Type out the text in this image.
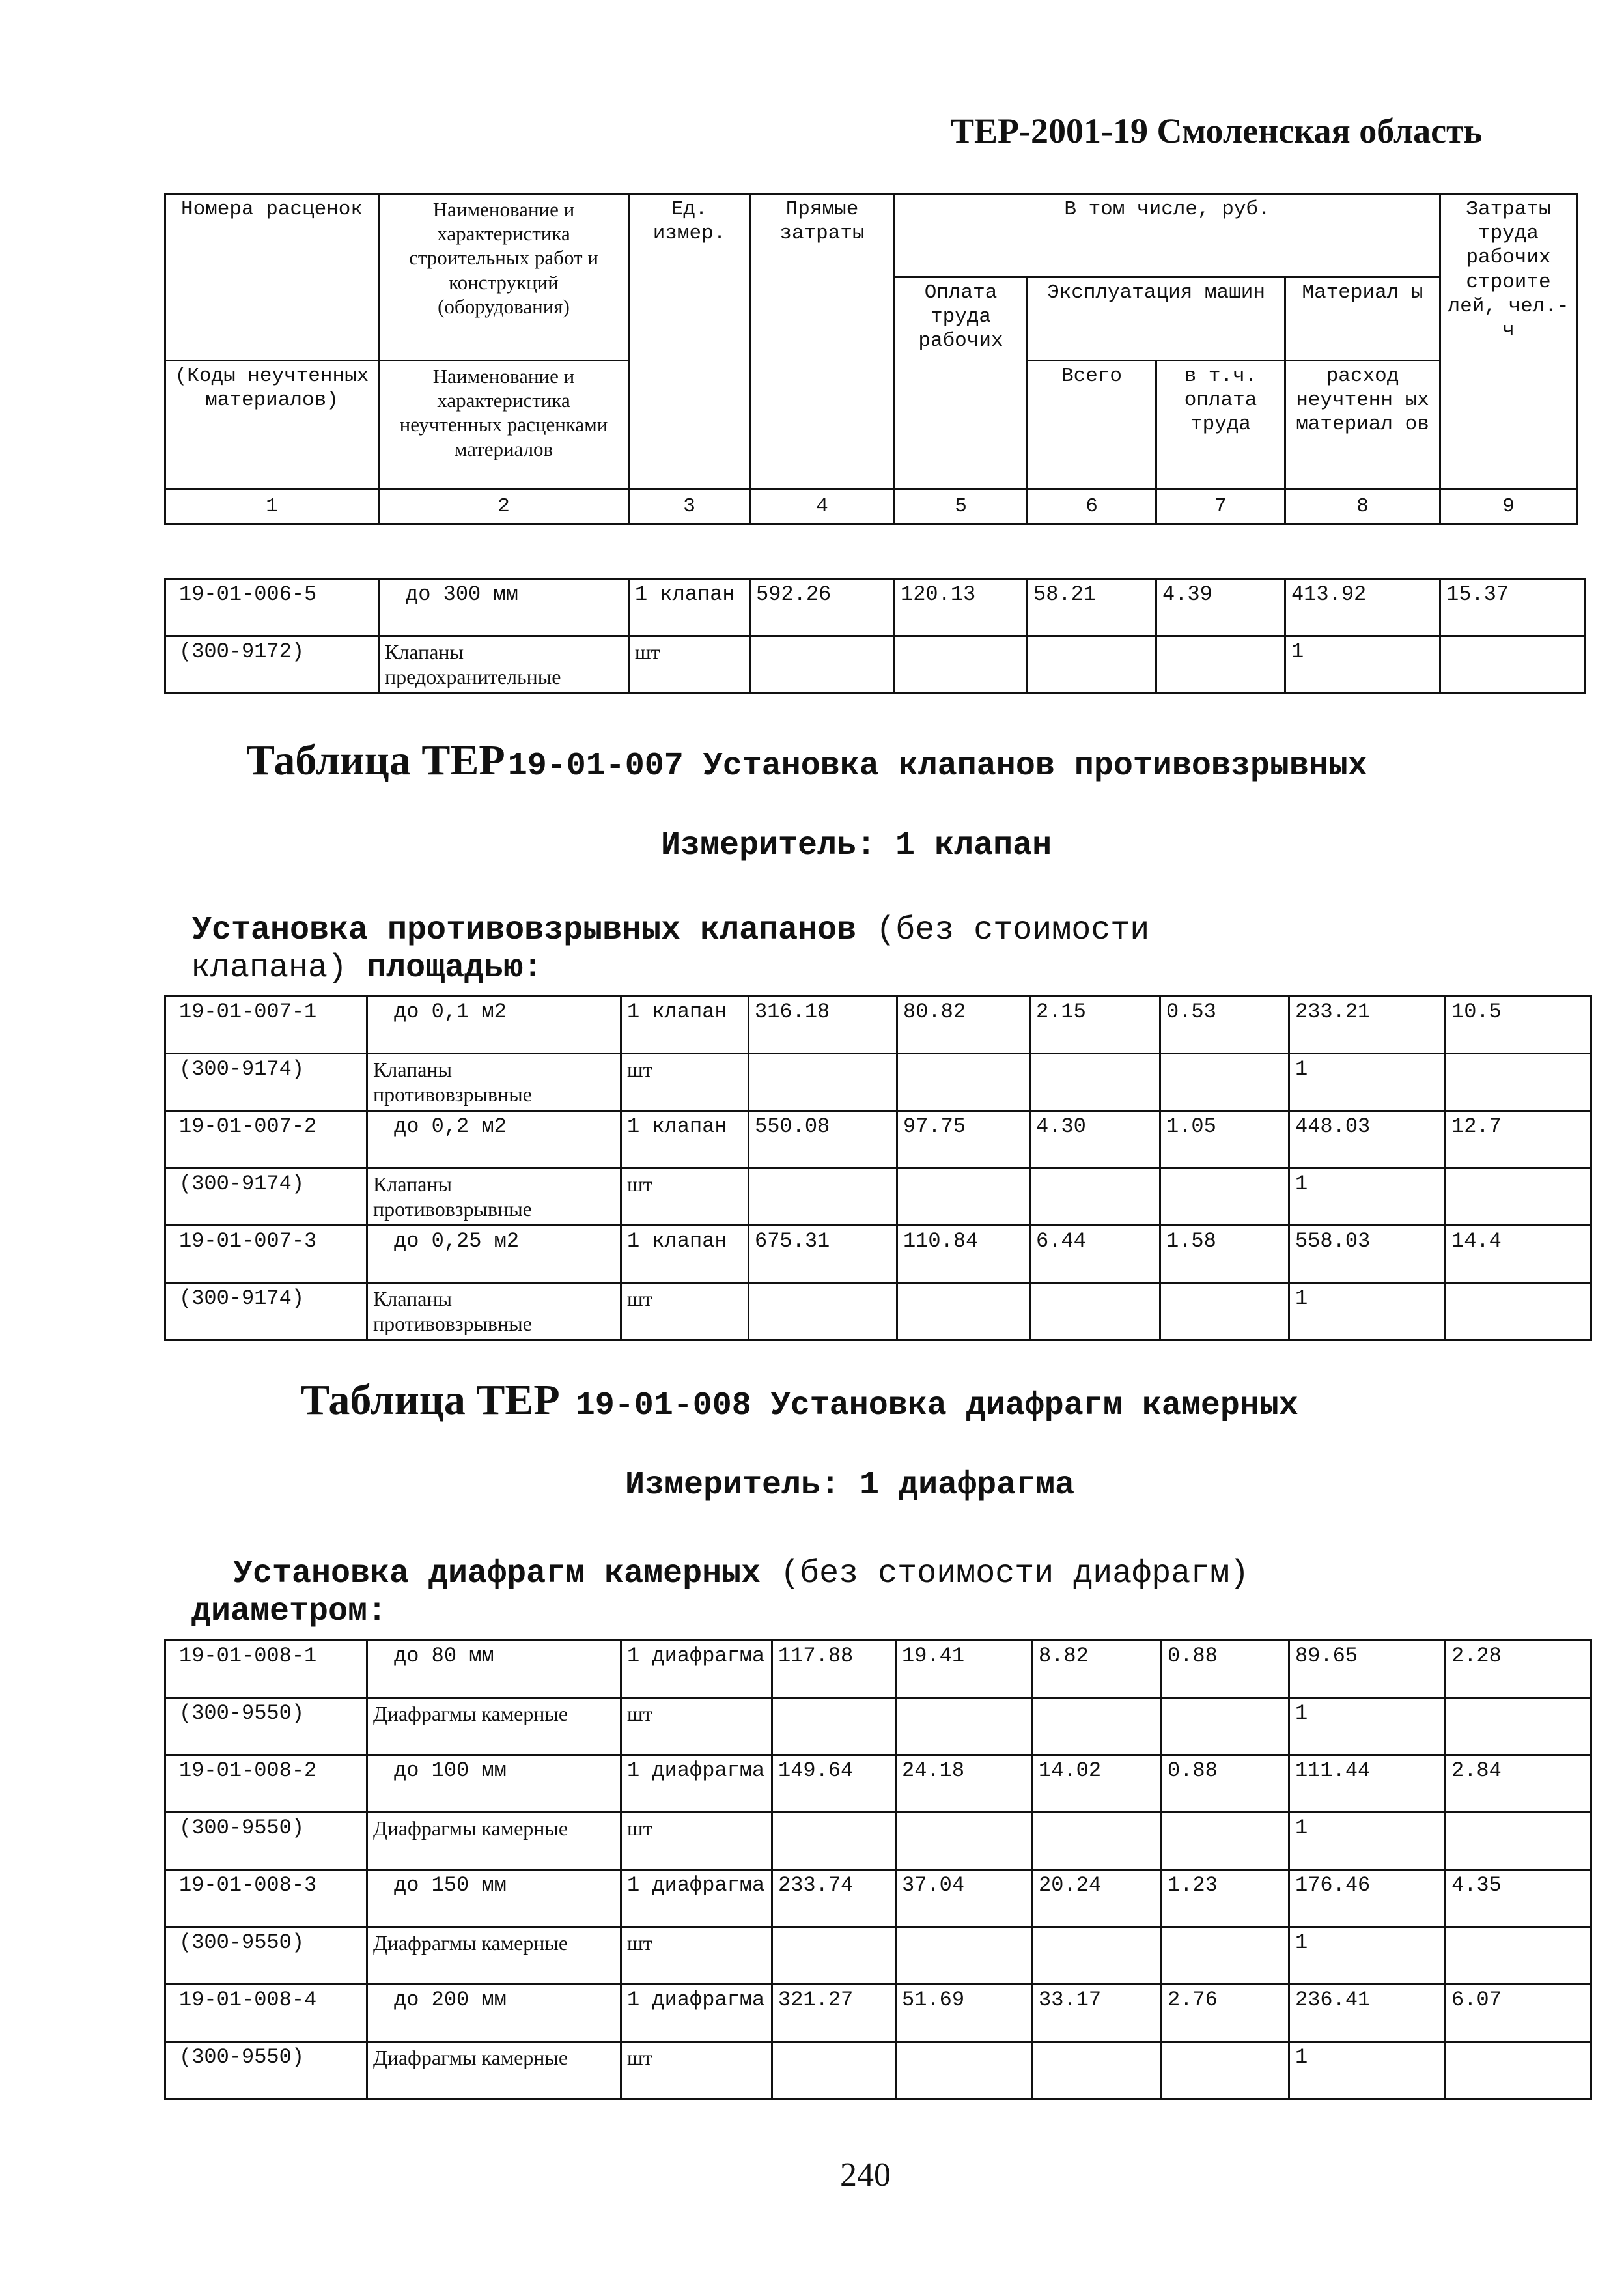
ТЕР-2001-19 Смоленская область
Номера расценок	Наименование и характеристика строительных работ и конструкций (оборудования)	Ед. измер.	Прямые затраты	В том числе, руб.				Затраты труда рабочих строите лей, чел.-ч
				Оплата труда рабочих	Эксплуатация машин		Материал ы	
(Коды неучтенных материалов)	Наименование и характеристика неучтенных расценками материалов				Всего	в т.ч. оплата труда	расход неучтенн ых материал ов	

1	2	3	4	5	6	7	8	9
19-01-006-5	до 300 мм	1 клапан	592.26	120.13	58.21	4.39	413.92	15.37
(300-9172)	Клапаны предохранительные	шт					1	
Таблица ТЕР 19-01-007 Установка клапанов противовзрывных
Измеритель: 1 клапан
Установка противовзрывных клапанов (без стоимости
клапана) площадью:
19-01-007-1	до 0,1 м2	1 клапан	316.18	80.82	2.15	0.53	233.21	10.5
(300-9174)	Клапаны противовзрывные	шт					1	
19-01-007-2	до 0,2 м2	1 клапан	550.08	97.75	4.30	1.05	448.03	12.7
(300-9174)	Клапаны противовзрывные	шт					1	
19-01-007-3	до 0,25 м2	1 клапан	675.31	110.84	6.44	1.58	558.03	14.4
(300-9174)	Клапаны противовзрывные	шт					1	
Таблица ТЕР 19-01-008 Установка диафрагм камерных
Измеритель: 1 диафрагма
Установка диафрагм камерных (без стоимости диафрагм)
диаметром:
19-01-008-1	до 80 мм	1 диафрагма	117.88	19.41	8.82	0.88	89.65	2.28
(300-9550)	Диафрагмы камерные	шт					1	
19-01-008-2	до 100 мм	1 диафрагма	149.64	24.18	14.02	0.88	111.44	2.84
(300-9550)	Диафрагмы камерные	шт					1	
19-01-008-3	до 150 мм	1 диафрагма	233.74	37.04	20.24	1.23	176.46	4.35
(300-9550)	Диафрагмы камерные	шт					1	
19-01-008-4	до 200 мм	1 диафрагма	321.27	51.69	33.17	2.76	236.41	6.07
(300-9550)	Диафрагмы камерные	шт					1	
240
